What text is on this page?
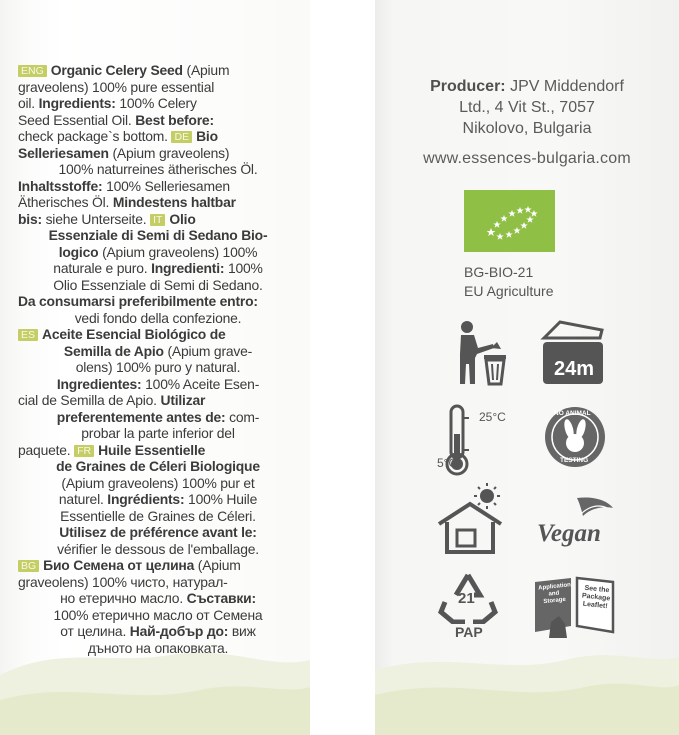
ENG Organic Celery Seed (Apium
graveolens) 100% pure essential
oil. Ingredients: 100% Celery
Seed Essential Oil. Best before:
check package`s bottom. DE Bio
Selleriesamen (Apium graveolens)
100% naturreines ätherisches Öl.
Inhaltsstoffe: 100% Selleriesamen
Ätherisches Öl. Mindestens haltbar
bis: siehe Unterseite. IT Olio
Essenziale di Semi di Sedano Bio-
logico (Apium graveolens) 100%
naturale e puro. Ingredienti: 100%
Olio Essenziale di Semi di Sedano.
Da consumarsi preferibilmente entro:
vedi fondo della confezione.
ES Aceite Esencial Biológico de
Semilla de Apio (Apium grave-
olens) 100% puro y natural.
Ingredientes: 100% Aceite Esen-
cial de Semilla de Apio. Utilizar
preferentemente antes de: com-
probar la parte inferior del
paquete. FR Huile Essentielle
de Graines de Céleri Biologique
(Apium graveolens) 100% pur et
naturel. Ingrédients: 100% Huile
Essentielle de Graines de Céleri.
Utilisez de préférence avant le:
vérifier le dessous de l'emballage.
BG Био Семена от целина (Apium
graveolens) 100% чисто, натурал-
но етерично масло. Съставки:
100% етерично масло от Семена
от целина. Най-добър до: виж
дъното на опаковката.
Producer: JPV Middendorf
Ltd., 4 Vit St., 7057
Nikolovo, Bulgaria
www.essences-bulgaria.com
BG-BIO-21
EU Agriculture
24m
25°C
5°C
NO ANIMAL
TESTING
Vegan
21
PAP
Application and Storage
See the Package Leaflet!
